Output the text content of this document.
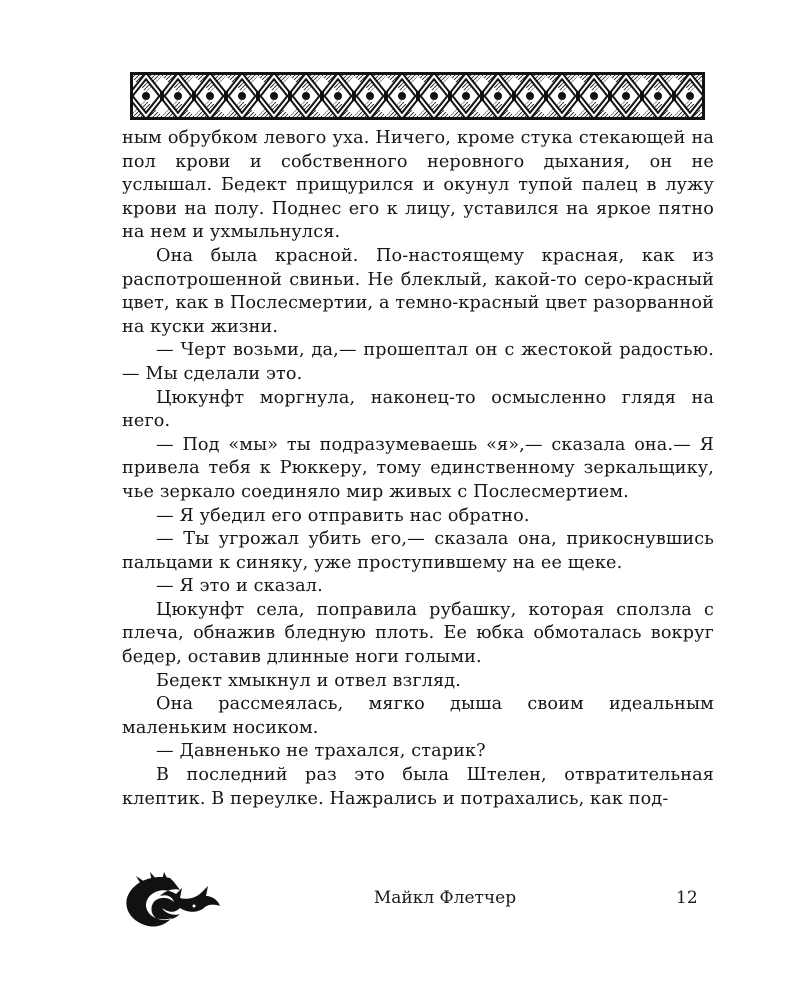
ным обрубком левого уха. Ничего, кроме стука стекающей на пол крови и собственного неровного дыхания, он не услышал. Бедект прищурился и окунул тупой палец в лужу крови на полу. Поднес его к лицу, уставился на яркое пятно на нем и ухмыльнулся.

Она была красной. По-настоящему красная, как из распотрошенной свиньи. Не блеклый, какой-то серо-красный цвет, как в Послесмертии, а темно-красный цвет разорванной на куски жизни.

— Черт возьми, да,— прошептал он с жестокой радостью.— Мы сделали это.

Цюкунфт моргнула, наконец-то осмысленно глядя на него.

— Под «мы» ты подразумеваешь «я»,— сказала она.— Я привела тебя к Рюккеру, тому единственному зеркальщику, чье зеркало соединяло мир живых с Послесмертием.

— Я убедил его отправить нас обратно.

— Ты угрожал убить его,— сказала она, прикоснувшись пальцами к синяку, уже проступившему на ее щеке.

— Я это и сказал.

Цюкунфт села, поправила рубашку, которая сползла с плеча, обнажив бледную плоть. Ее юбка обмоталась вокруг бедер, оставив длинные ноги голыми.

Бедект хмыкнул и отвел взгляд.

Она рассмеялась, мягко дыша своим идеальным маленьким носиком.

— Давненько не трахался, старик?

В последний раз это была Штелен, отвратительная клептик. В переулке. Нажрались и потрахались, как под-

Майкл Флетчер	12
